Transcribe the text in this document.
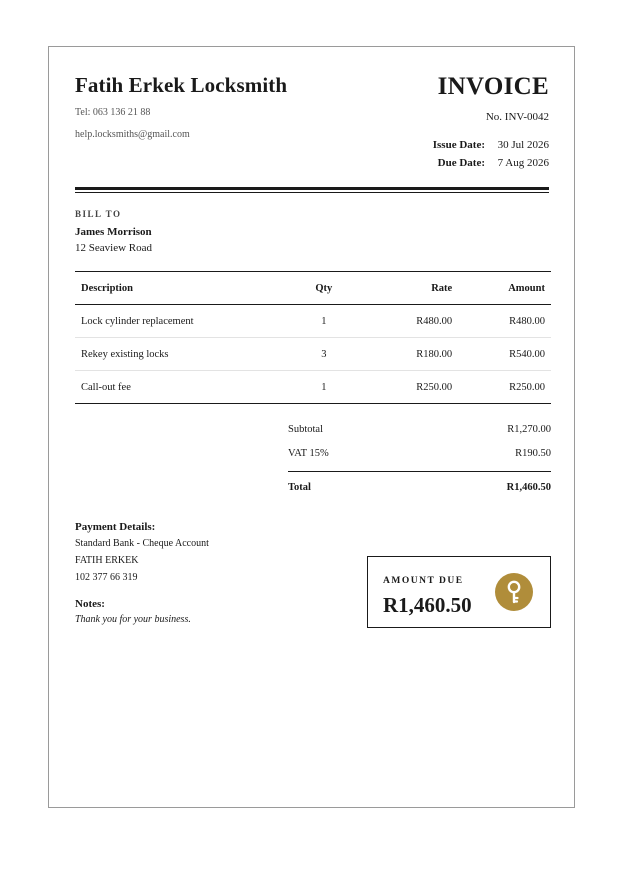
Fatih Erkek Locksmith
Tel: 063 136 21 88
help.locksmiths@gmail.com
INVOICE
No. INV-0042
Issue Date:	30 Jul 2026
Due Date:	7 Aug 2026
BILL TO
James Morrison
12 Seaview Road
Description	Qty	Rate	Amount
Lock cylinder replacement	1	R480.00	R480.00
Rekey existing locks	3	R180.00	R540.00
Call-out fee	1	R250.00	R250.00
Subtotal	R1,270.00
VAT 15%	R190.50
Total	R1,460.50
Payment Details:
Standard Bank - Cheque Account
FATIH ERKEK
102 377 66 319
Notes:
Thank you for your business.
AMOUNT DUE
R1,460.50
